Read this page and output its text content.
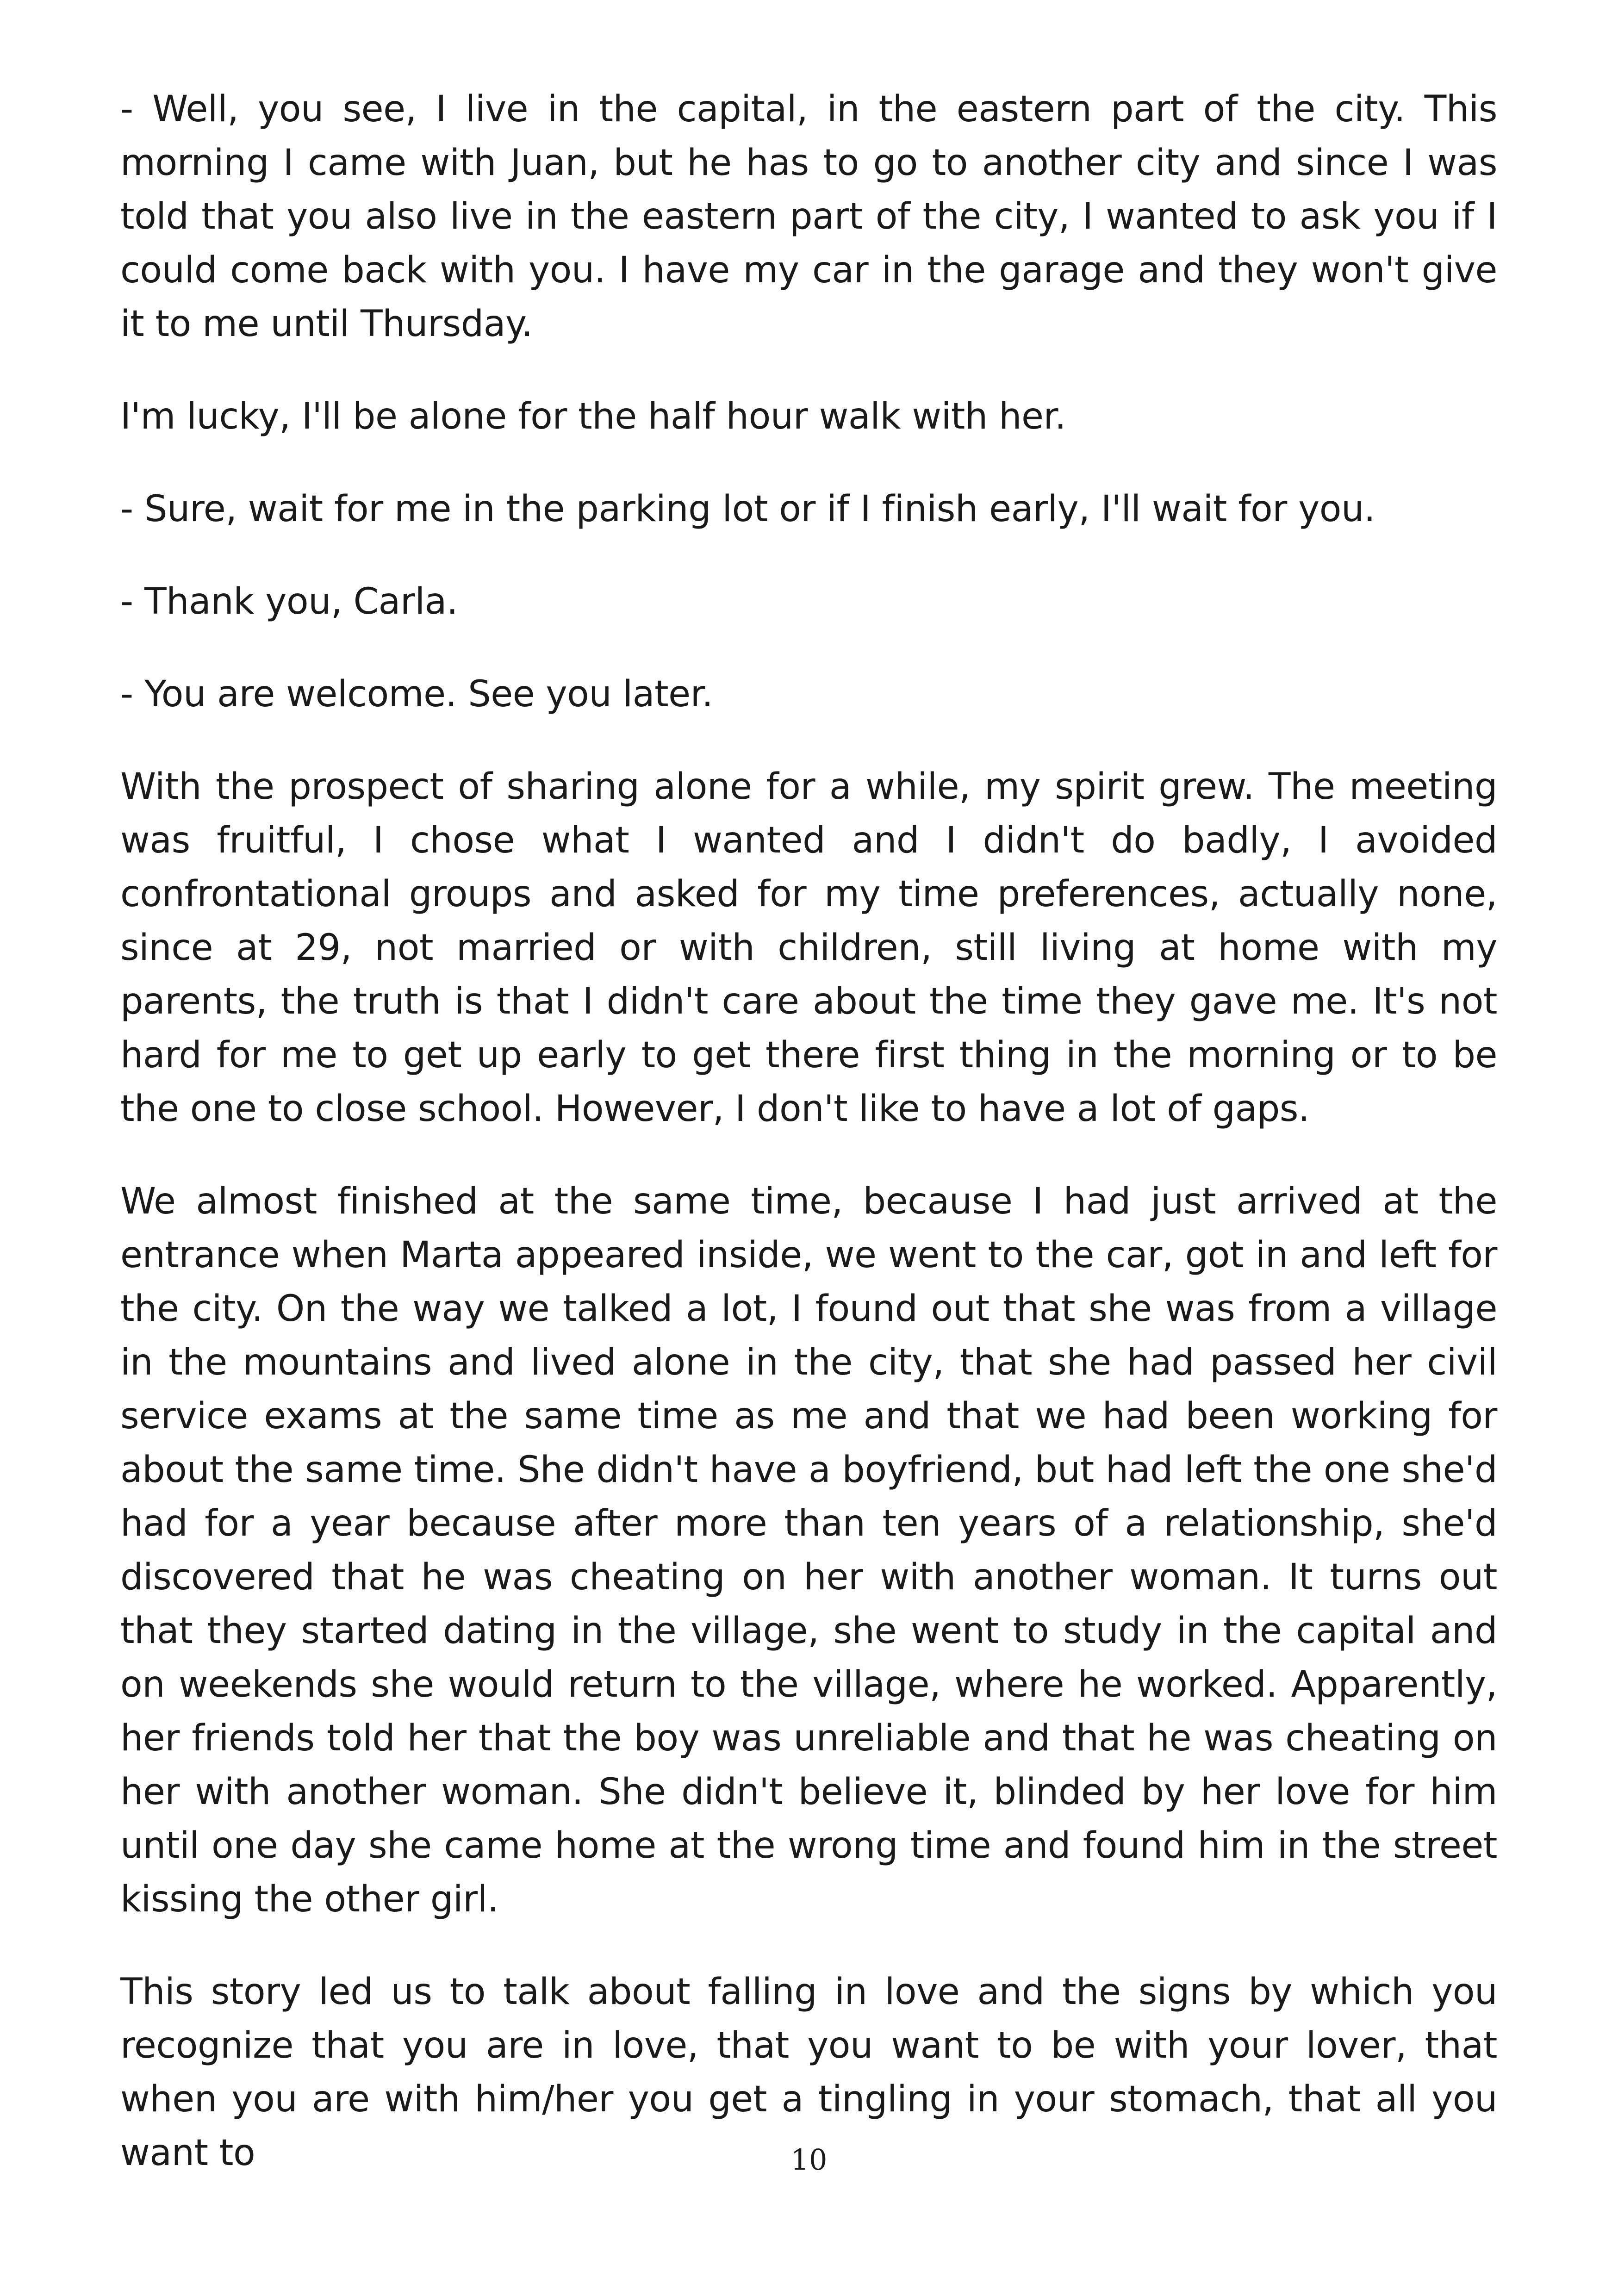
- Well, you see, I live in the capital, in the eastern part of the city. This morning I came with Juan, but he has to go to another city and since I was told that you also live in the eastern part of the city, I wanted to ask you if I could come back with you. I have my car in the garage and they won't give it to me until Thursday.

I'm lucky, I'll be alone for the half hour walk with her.

- Sure, wait for me in the parking lot or if I finish early, I'll wait for you.

- Thank you, Carla.

- You are welcome. See you later.

With the prospect of sharing alone for a while, my spirit grew. The meeting was fruitful, I chose what I wanted and I didn't do badly, I avoided confrontational groups and asked for my time preferences, actually none, since at 29, not married or with children, still living at home with my parents, the truth is that I didn't care about the time they gave me. It's not hard for me to get up early to get there first thing in the morning or to be the one to close school. However, I don't like to have a lot of gaps.

We almost finished at the same time, because I had just arrived at the entrance when Marta appeared inside, we went to the car, got in and left for the city. On the way we talked a lot, I found out that she was from a village in the mountains and lived alone in the city, that she had passed her civil service exams at the same time as me and that we had been working for about the same time. She didn't have a boyfriend, but had left the one she'd had for a year because after more than ten years of a relationship, she'd discovered that he was cheating on her with another woman. It turns out that they started dating in the village, she went to study in the capital and on weekends she would return to the village, where he worked. Apparently, her friends told her that the boy was unreliable and that he was cheating on her with another woman. She didn't believe it, blinded by her love for him until one day she came home at the wrong time and found him in the street kissing the other girl.

This story led us to talk about falling in love and the signs by which you recognize that you are in love, that you want to be with your lover, that when you are with him/her you get a tingling in your stomach, that all you want to	10
